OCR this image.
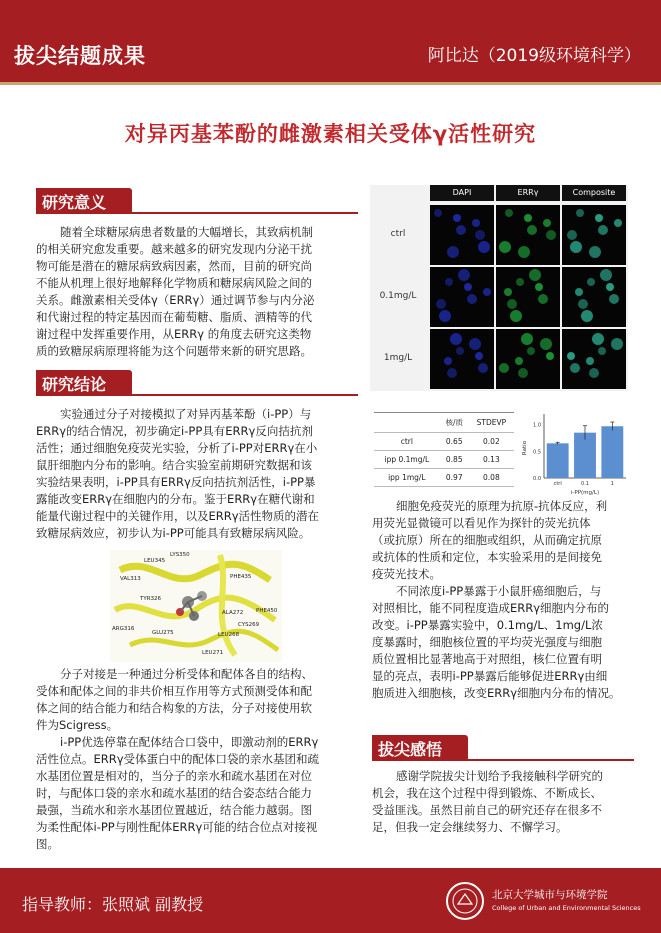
拔尖结题成果	阿比达（2019级环境科学）
对异丙基苯酚的雌激素相关受体γ活性研究
研究意义
随着全球糖尿病患者数量的大幅增长，其致病机制
的相关研究愈发重要。越来越多的研究发现内分泌干扰
物可能是潜在的糖尿病致病因素，然而，目前的研究尚
不能从机理上很好地解释化学物质和糖尿病风险之间的
关系。雌激素相关受体γ（ERRγ）通过调节参与内分泌
和代谢过程的特定基因而在葡萄糖、脂质、酒精等的代
谢过程中发挥重要作用，从ERRγ 的角度去研究这类物
质的致糖尿病原理将能为这个问题带来新的研究思路。
研究结论
实验通过分子对接模拟了对异丙基苯酚（i-PP）与
ERRγ的结合情况，初步确定i-PP具有ERRγ反向拮抗剂
活性；通过细胞免疫荧光实验，分析了i-PP对ERRγ在小
鼠肝细胞内分布的影响。结合实验室前期研究数据和该
实验结果表明，i-PP具有ERRγ反向拮抗剂活性，i-PP暴
露能改变ERRγ在细胞内的分布。鉴于ERRγ在糖代谢和
能量代谢过程中的关键作用，以及ERRγ活性物质的潜在
致糖尿病效应，初步认为i-PP可能具有致糖尿病风险。
LEU345
VAL313
TYR326
ARG316
GLU275	LEU268
LEU271
PHE435
ALA272
CYS269
PHE450
LYS350
分子对接是一种通过分析受体和配体各自的结构、
受体和配体之间的非共价相互作用等方式预测受体和配
体之间的结合能力和结合构象的方法，分子对接使用软
件为Scigress。
i-PP优选停靠在配体结合口袋中，即激动剂的ERRγ
活性位点。ERRγ受体蛋白中的配体口袋的亲水基团和疏
水基团位置是相对的，当分子的亲水和疏水基团在对位
时，与配体口袋的亲水和疏水基团的结合姿态结合能力
最强，当疏水和亲水基团位置越近，结合能力越弱。图
为柔性配体i-PP与刚性配体ERRγ可能的结合位点对接视
图。
DAPI	ERRγ	Composite
ctrl
0.1mg/L
1mg/L
	核/质	STDEVP
ctrl	0.65	0.02
ipp 0.1mg/L	0.85	0.13
ipp 1mg/L	0.97	0.08	0.0
0.5
1.0
Ratio
ctrl	0.1	1
i-PP(mg/L)
细胞免疫荧光的原理为抗原-抗体反应，利
用荧光显微镜可以看见作为探针的荧光抗体
（或抗原）所在的细胞或组织，从而确定抗原
或抗体的性质和定位，本实验采用的是间接免
疫荧光技术。
不同浓度i-PP暴露于小鼠肝癌细胞后，与
对照相比，能不同程度造成ERRγ细胞内分布的
改变。i-PP暴露实验中，0.1mg/L、1mg/L浓
度暴露时，细胞核位置的平均荧光强度与细胞
质位置相比显著地高于对照组，核仁位置有明
显的亮点，表明i-PP暴露后能够促进ERRγ由细
胞质进入细胞核，改变ERRγ细胞内分布的情况。
拔尖感悟
感谢学院拔尖计划给予我接触科学研究的
机会，我在这个过程中得到锻炼、不断成长、
受益匪浅。虽然目前自己的研究还存在很多不
足，但我一定会继续努力、不懈学习。
指导教师：张照斌 副教授	北京大学城市与环境学院
College of Urban and Environmental Sciences
